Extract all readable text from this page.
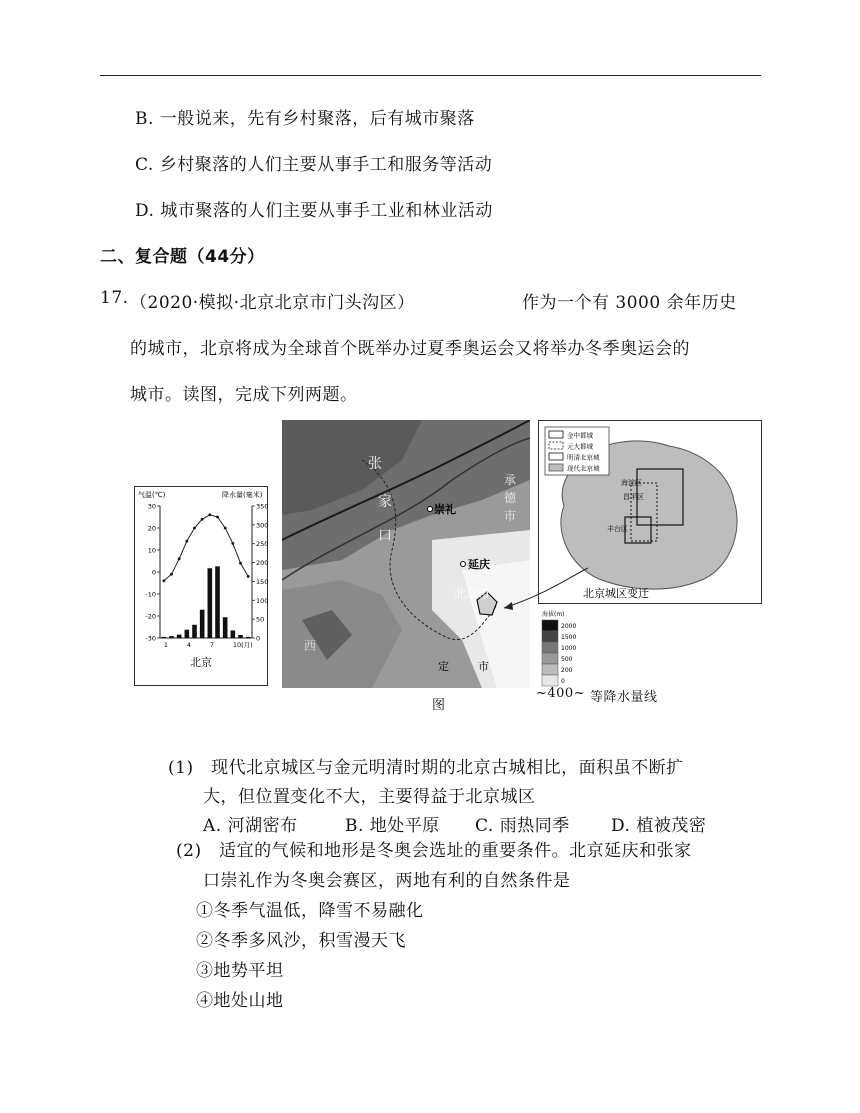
B. 一般说来，先有乡村聚落，后有城市聚落
C. 乡村聚落的人们主要从事手工和服务等活动
D. 城市聚落的人们主要从事手工业和林业活动
二、复合题（44分）
17. （2020·模拟·北京北京市门头沟区）	作为一个有 3000 余年历史
的城市，北京将成为全球首个既举办过夏季奥运会又将举办冬季奥运会的
城市。读图，完成下列两题。
气温(℃)	降水量(毫米)
30
20
10
0
-10
-20
-30
350
300
250
200
150
100
50
0
1	4	7	10(月)
北京
崇礼
延庆
北京市
张
家
口
西
承
德
市
定	市
金中都城
元大都城
明清北京城
现代北京城
海淀区
昌平区
丰台区
北京城区变迁
海拔(m)
2000
1500
1000
500
200
0
图
~400~ 等降水量线
(1)　现代北京城区与金元明清时期的北京古城相比，面积虽不断扩
大，但位置变化不大，主要得益于北京城区
A. 河湖密布	B. 地处平原 C. 雨热同季 D. 植被茂密
(2)　适宜的气候和地形是冬奥会选址的重要条件。北京延庆和张家
口崇礼作为冬奥会赛区，两地有利的自然条件是
①冬季气温低，降雪不易融化
②冬季多风沙，积雪漫天飞
③地势平坦
④地处山地
